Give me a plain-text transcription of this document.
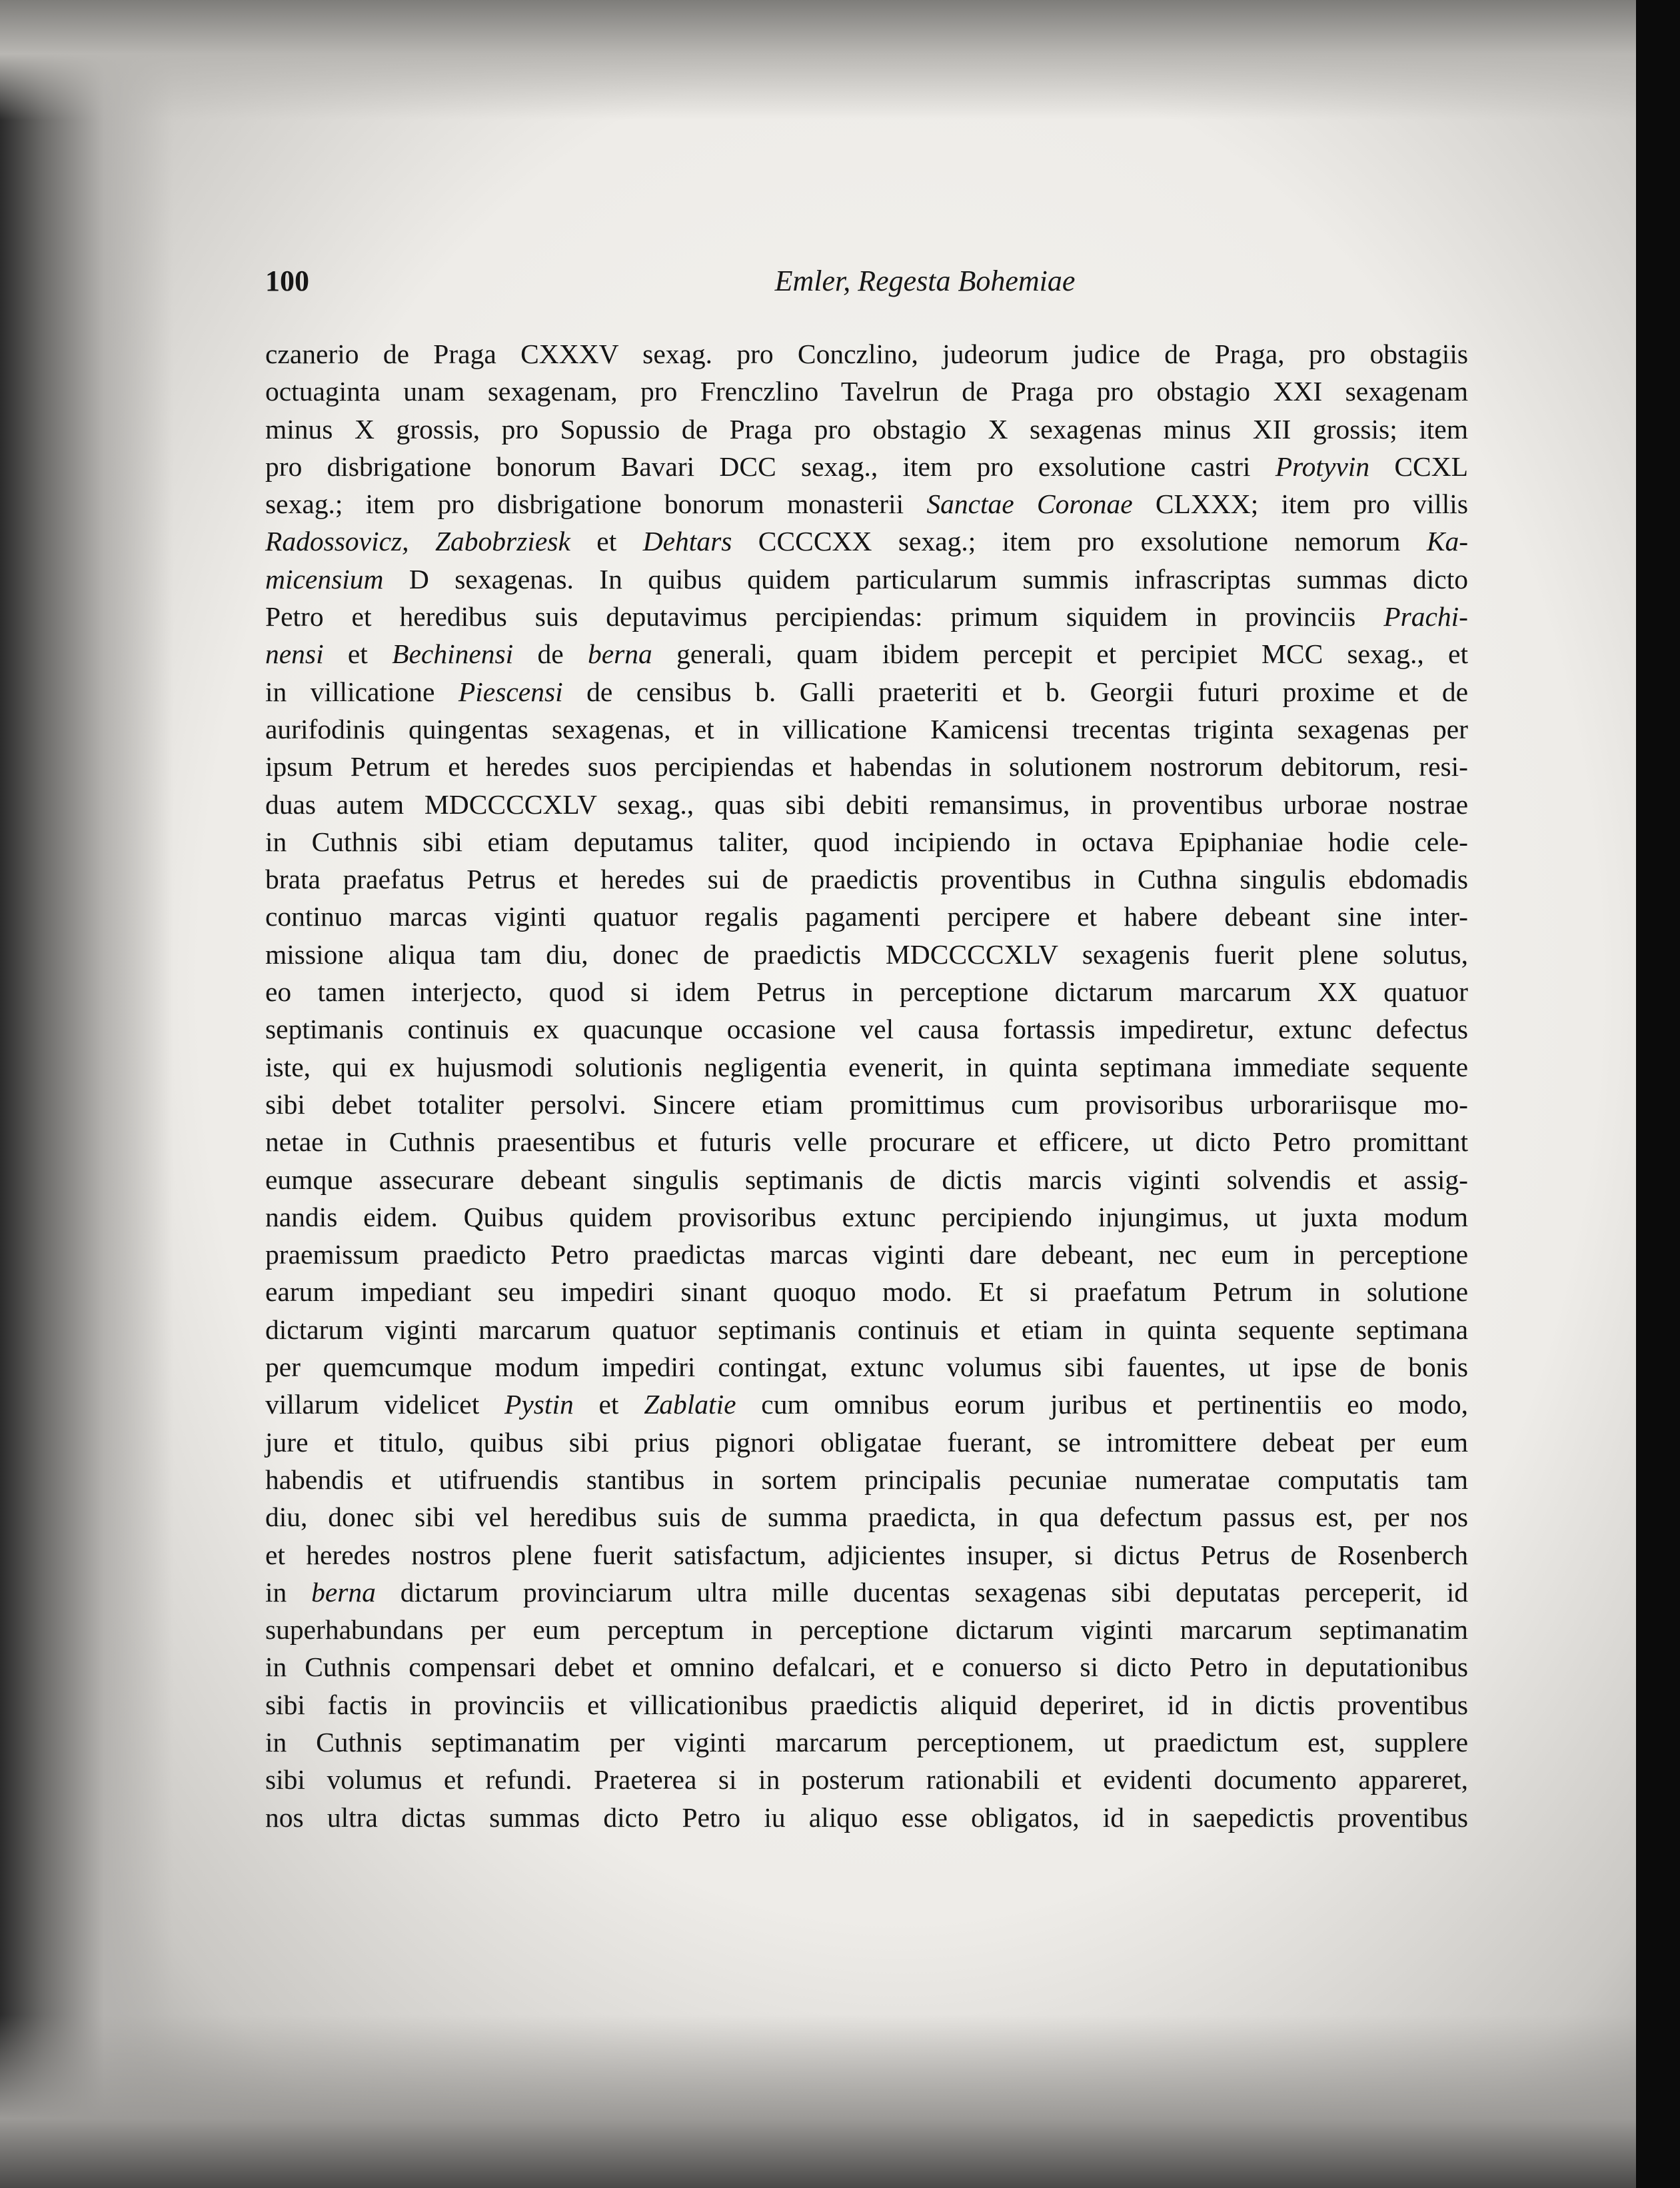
100	Emler, Regesta Bohemiae
czanerio de Praga CXXXV sexag. pro Conczlino, judeorum judice de Praga, pro obstagiis
octuaginta unam sexagenam, pro Frenczlino Tavelrun de Praga pro obstagio XXI sexagenam
minus X grossis, pro Sopussio de Praga pro obstagio X sexagenas minus XII grossis; item
pro disbrigatione bonorum Bavari DCC sexag., item pro exsolutione castri Protyvin CCXL
sexag.; item pro disbrigatione bonorum monasterii Sanctae Coronae CLXXX; item pro villis
Radossovicz, Zabobrziesk et Dehtars CCCCXX sexag.; item pro exsolutione nemorum Ka-
micensium D sexagenas. In quibus quidem particularum summis infrascriptas summas dicto
Petro et heredibus suis deputavimus percipiendas: primum siquidem in provinciis Prachi-
nensi et Bechinensi de berna generali, quam ibidem percepit et percipiet MCC sexag., et
in villicatione Piescensi de censibus b. Galli praeteriti et b. Georgii futuri proxime et de
aurifodinis quingentas sexagenas, et in villicatione Kamicensi trecentas triginta sexagenas per
ipsum Petrum et heredes suos percipiendas et habendas in solutionem nostrorum debitorum, resi-
duas autem MDCCCCXLV sexag., quas sibi debiti remansimus, in proventibus urborae nostrae
in Cuthnis sibi etiam deputamus taliter, quod incipiendo in octava Epiphaniae hodie cele-
brata praefatus Petrus et heredes sui de praedictis proventibus in Cuthna singulis ebdomadis
continuo marcas viginti quatuor regalis pagamenti percipere et habere debeant sine inter-
missione aliqua tam diu, donec de praedictis MDCCCCXLV sexagenis fuerit plene solutus,
eo tamen interjecto, quod si idem Petrus in perceptione dictarum marcarum XX quatuor
septimanis continuis ex quacunque occasione vel causa fortassis impediretur, extunc defectus
iste, qui ex hujusmodi solutionis negligentia evenerit, in quinta septimana immediate sequente
sibi debet totaliter persolvi. Sincere etiam promittimus cum provisoribus urborariisque mo-
netae in Cuthnis praesentibus et futuris velle procurare et efficere, ut dicto Petro promittant
eumque assecurare debeant singulis septimanis de dictis marcis viginti solvendis et assig-
nandis eidem. Quibus quidem provisoribus extunc percipiendo injungimus, ut juxta modum
praemissum praedicto Petro praedictas marcas viginti dare debeant, nec eum in perceptione
earum impediant seu impediri sinant quoquo modo. Et si praefatum Petrum in solutione
dictarum viginti marcarum quatuor septimanis continuis et etiam in quinta sequente septimana
per quemcumque modum impediri contingat, extunc volumus sibi fauentes, ut ipse de bonis
villarum videlicet Pystin et Zablatie cum omnibus eorum juribus et pertinentiis eo modo,
jure et titulo, quibus sibi prius pignori obligatae fuerant, se intromittere debeat per eum
habendis et utifruendis stantibus in sortem principalis pecuniae numeratae computatis tam
diu, donec sibi vel heredibus suis de summa praedicta, in qua defectum passus est, per nos
et heredes nostros plene fuerit satisfactum, adjicientes insuper, si dictus Petrus de Rosenberch
in berna dictarum provinciarum ultra mille ducentas sexagenas sibi deputatas perceperit, id
superhabundans per eum perceptum in perceptione dictarum viginti marcarum septimanatim
in Cuthnis compensari debet et omnino defalcari, et e conuerso si dicto Petro in deputationibus
sibi factis in provinciis et villicationibus praedictis aliquid deperiret, id in dictis proventibus
in Cuthnis septimanatim per viginti marcarum perceptionem, ut praedictum est, supplere
sibi volumus et refundi. Praeterea si in posterum rationabili et evidenti documento appareret,
nos ultra dictas summas dicto Petro iu aliquo esse obligatos, id in saepedictis proventibus
